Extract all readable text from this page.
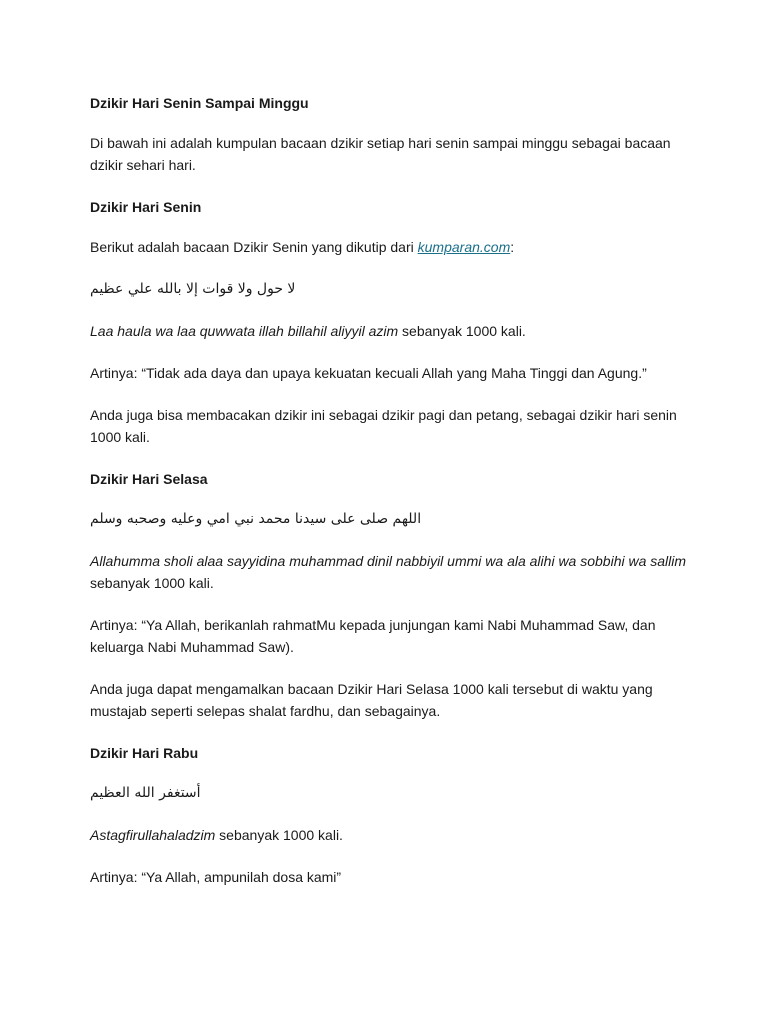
Dzikir Hari Senin Sampai Minggu

Di bawah ini adalah kumpulan bacaan dzikir setiap hari senin sampai minggu sebagai bacaan dzikir sehari hari.

Dzikir Hari Senin

Berikut adalah bacaan Dzikir Senin yang dikutip dari kumparan.com:

لا حول ولا قوات إلا بالله علي عظيم

Laa haula wa laa quwwata illah billahil aliyyil azim sebanyak 1000 kali.

Artinya: “Tidak ada daya dan upaya kekuatan kecuali Allah yang Maha Tinggi dan Agung.”

Anda juga bisa membacakan dzikir ini sebagai dzikir pagi dan petang, sebagai dzikir hari senin 1000 kali.

Dzikir Hari Selasa

اللهم صلى على سيدنا محمد نبي امي وعليه وصحبه وسلم

Allahumma sholi alaa sayyidina muhammad dinil nabbiyil ummi wa ala alihi wa sobbihi wa sallim sebanyak 1000 kali.

Artinya: “Ya Allah, berikanlah rahmatMu kepada junjungan kami Nabi Muhammad Saw, dan keluarga Nabi Muhammad Saw).

Anda juga dapat mengamalkan bacaan Dzikir Hari Selasa 1000 kali tersebut di waktu yang mustajab seperti selepas shalat fardhu, dan sebagainya.

Dzikir Hari Rabu

أستغفر الله العظيم

Astagfirullahaladzim sebanyak 1000 kali.

Artinya: “Ya Allah, ampunilah dosa kami”
